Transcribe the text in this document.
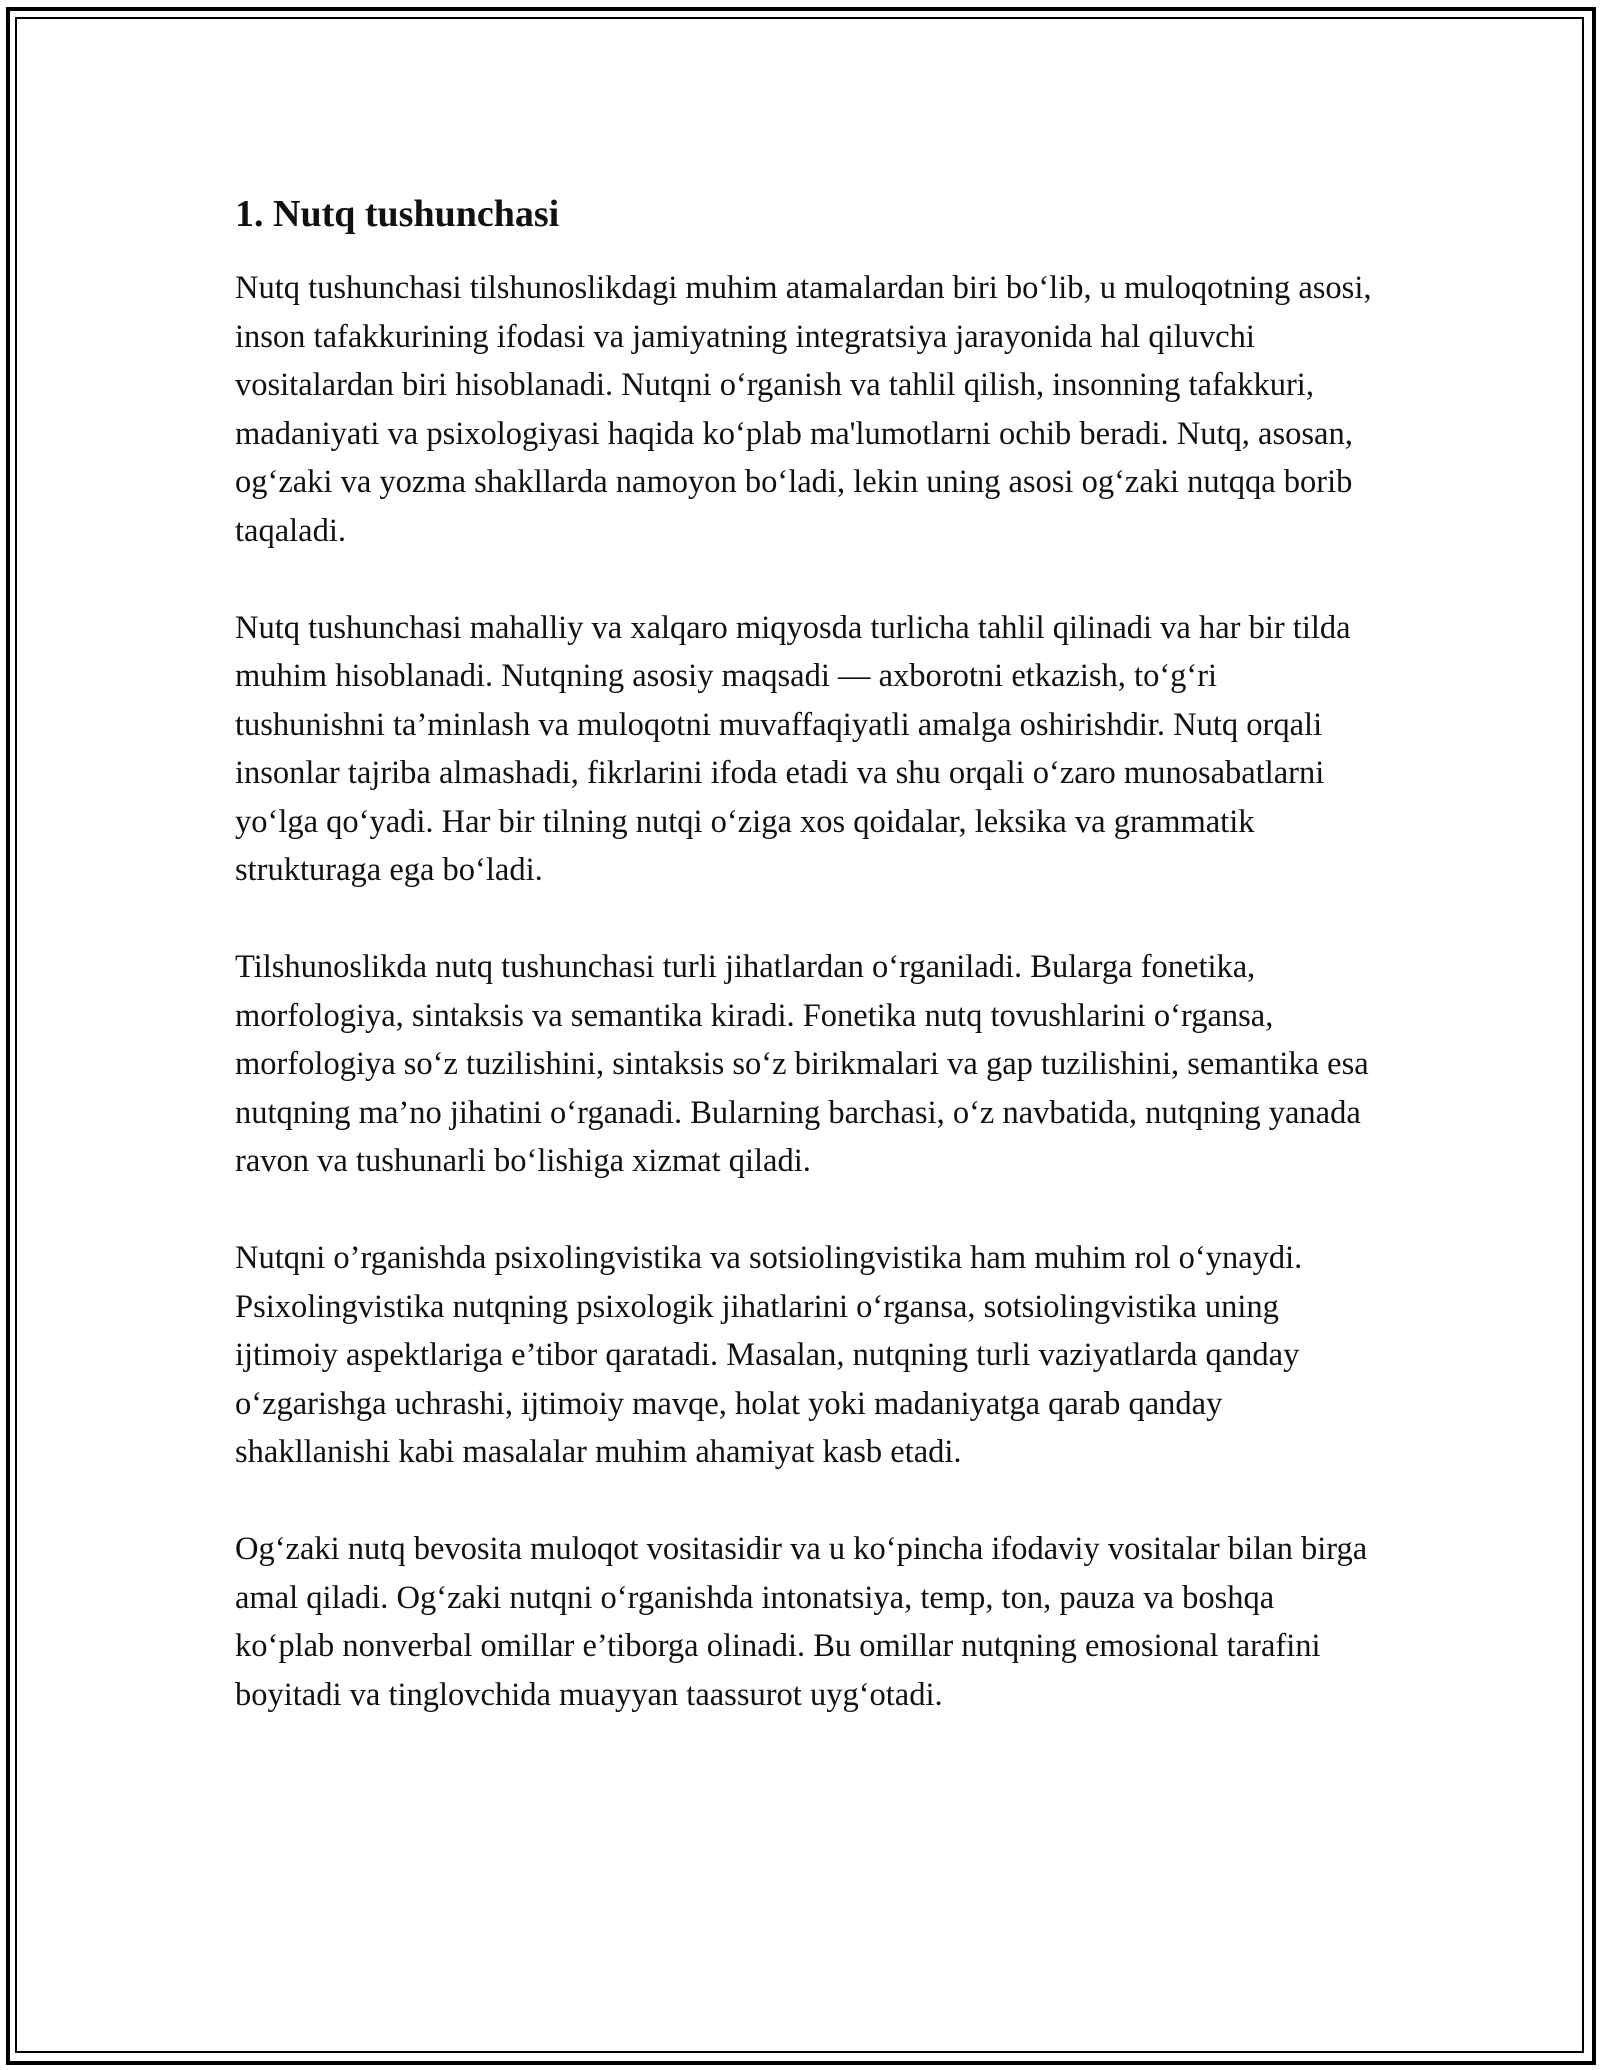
1. Nutq tushunchasi

Nutq tushunchasi tilshunoslikdagi muhim atamalardan biri bo‘lib, u muloqotning asosi, inson tafakkurining ifodasi va jamiyatning integratsiya jarayonida hal qiluvchi vositalardan biri hisoblanadi. Nutqni o‘rganish va tahlil qilish, insonning tafakkuri, madaniyati va psixologiyasi haqida ko‘plab ma'lumotlarni ochib beradi. Nutq, asosan, og‘zaki va yozma shakllarda namoyon bo‘ladi, lekin uning asosi og‘zaki nutqqa borib taqaladi.

Nutq tushunchasi mahalliy va xalqaro miqyosda turlicha tahlil qilinadi va har bir tilda muhim hisoblanadi. Nutqning asosiy maqsadi — axborotni etkazish, to‘g‘ri tushunishni ta’minlash va muloqotni muvaffaqiyatli amalga oshirishdir. Nutq orqali insonlar tajriba almashadi, fikrlarini ifoda etadi va shu orqali o‘zaro munosabatlarni yo‘lga qo‘yadi. Har bir tilning nutqi o‘ziga xos qoidalar, leksika va grammatik strukturaga ega bo‘ladi.

Tilshunoslikda nutq tushunchasi turli jihatlardan o‘rganiladi. Bularga fonetika, morfologiya, sintaksis va semantika kiradi. Fonetika nutq tovushlarini o‘rgansa, morfologiya so‘z tuzilishini, sintaksis so‘z birikmalari va gap tuzilishini, semantika esa nutqning ma’no jihatini o‘rganadi. Bularning barchasi, o‘z navbatida, nutqning yanada ravon va tushunarli bo‘lishiga xizmat qiladi.

Nutqni o’rganishda psixolingvistika va sotsiolingvistika ham muhim rol o‘ynaydi. Psixolingvistika nutqning psixologik jihatlarini o‘rgansa, sotsiolingvistika uning ijtimoiy aspektlariga e’tibor qaratadi. Masalan, nutqning turli vaziyatlarda qanday o‘zgarishga uchrashi, ijtimoiy mavqe, holat yoki madaniyatga qarab qanday shakllanishi kabi masalalar muhim ahamiyat kasb etadi.

Og‘zaki nutq bevosita muloqot vositasidir va u ko‘pincha ifodaviy vositalar bilan birga amal qiladi. Og‘zaki nutqni o‘rganishda intonatsiya, temp, ton, pauza va boshqa ko‘plab nonverbal omillar e’tiborga olinadi. Bu omillar nutqning emosional tarafini boyitadi va tinglovchida muayyan taassurot uyg‘otadi.
